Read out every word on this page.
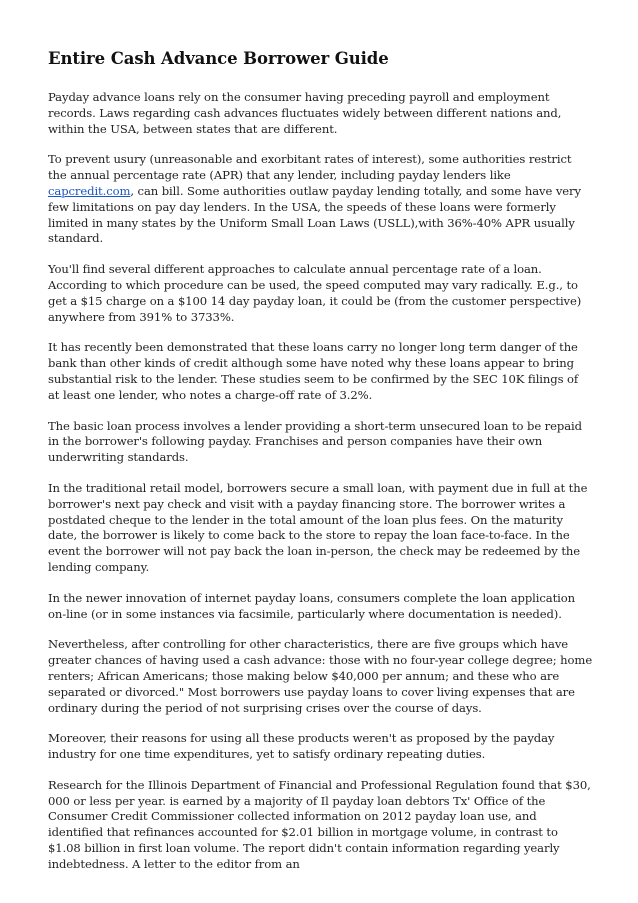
Entire Cash Advance Borrower Guide

Payday advance loans rely on the consumer having preceding payroll and employment records. Laws regarding cash advances fluctuates widely between different nations and, within the USA, between states that are different.

To prevent usury (unreasonable and exorbitant rates of interest), some authorities restrict the annual percentage rate (APR) that any lender, including payday lenders like capcredit.com, can bill. Some authorities outlaw payday lending totally, and some have very few limitations on pay day lenders. In the USA, the speeds of these loans were formerly limited in many states by the Uniform Small Loan Laws (USLL),with 36%-40% APR usually standard.

You'll find several different approaches to calculate annual percentage rate of a loan. According to which procedure can be used, the speed computed may vary radically. E.g., to get a $15 charge on a $100 14 day payday loan, it could be (from the customer perspective) anywhere from 391% to 3733%.

It has recently been demonstrated that these loans carry no longer long term danger of the bank than other kinds of credit although some have noted why these loans appear to bring substantial risk to the lender. These studies seem to be confirmed by the SEC 10K filings of at least one lender, who notes a charge-off rate of 3.2%.

The basic loan process involves a lender providing a short-term unsecured loan to be repaid in the borrower's following payday. Franchises and person companies have their own underwriting standards.

In the traditional retail model, borrowers secure a small loan, with payment due in full at the borrower's next pay check and visit with a payday financing store. The borrower writes a postdated cheque to the lender in the total amount of the loan plus fees. On the maturity date, the borrower is likely to come back to the store to repay the loan face-to-face. In the event the borrower will not pay back the loan in-person, the check may be redeemed by the lending company.

In the newer innovation of internet payday loans, consumers complete the loan application on-line (or in some instances via facsimile, particularly where documentation is needed).

Nevertheless, after controlling for other characteristics, there are five groups which have greater chances of having used a cash advance: those with no four-year college degree; home renters; African Americans; those making below $40,000 per annum; and these who are separated or divorced." Most borrowers use payday loans to cover living expenses that are ordinary during the period of not surprising crises over the course of days.

Moreover, their reasons for using all these products weren't as proposed by the payday industry for one time expenditures, yet to satisfy ordinary repeating duties.

Research for the Illinois Department of Financial and Professional Regulation found that $30, 000 or less per year. is earned by a majority of Il payday loan debtors Tx' Office of the Consumer Credit Commissioner collected information on 2012 payday loan use, and identified that refinances accounted for $2.01 billion in mortgage volume, in contrast to $1.08 billion in first loan volume. The report didn't contain information regarding yearly indebtedness. A letter to the editor from an
